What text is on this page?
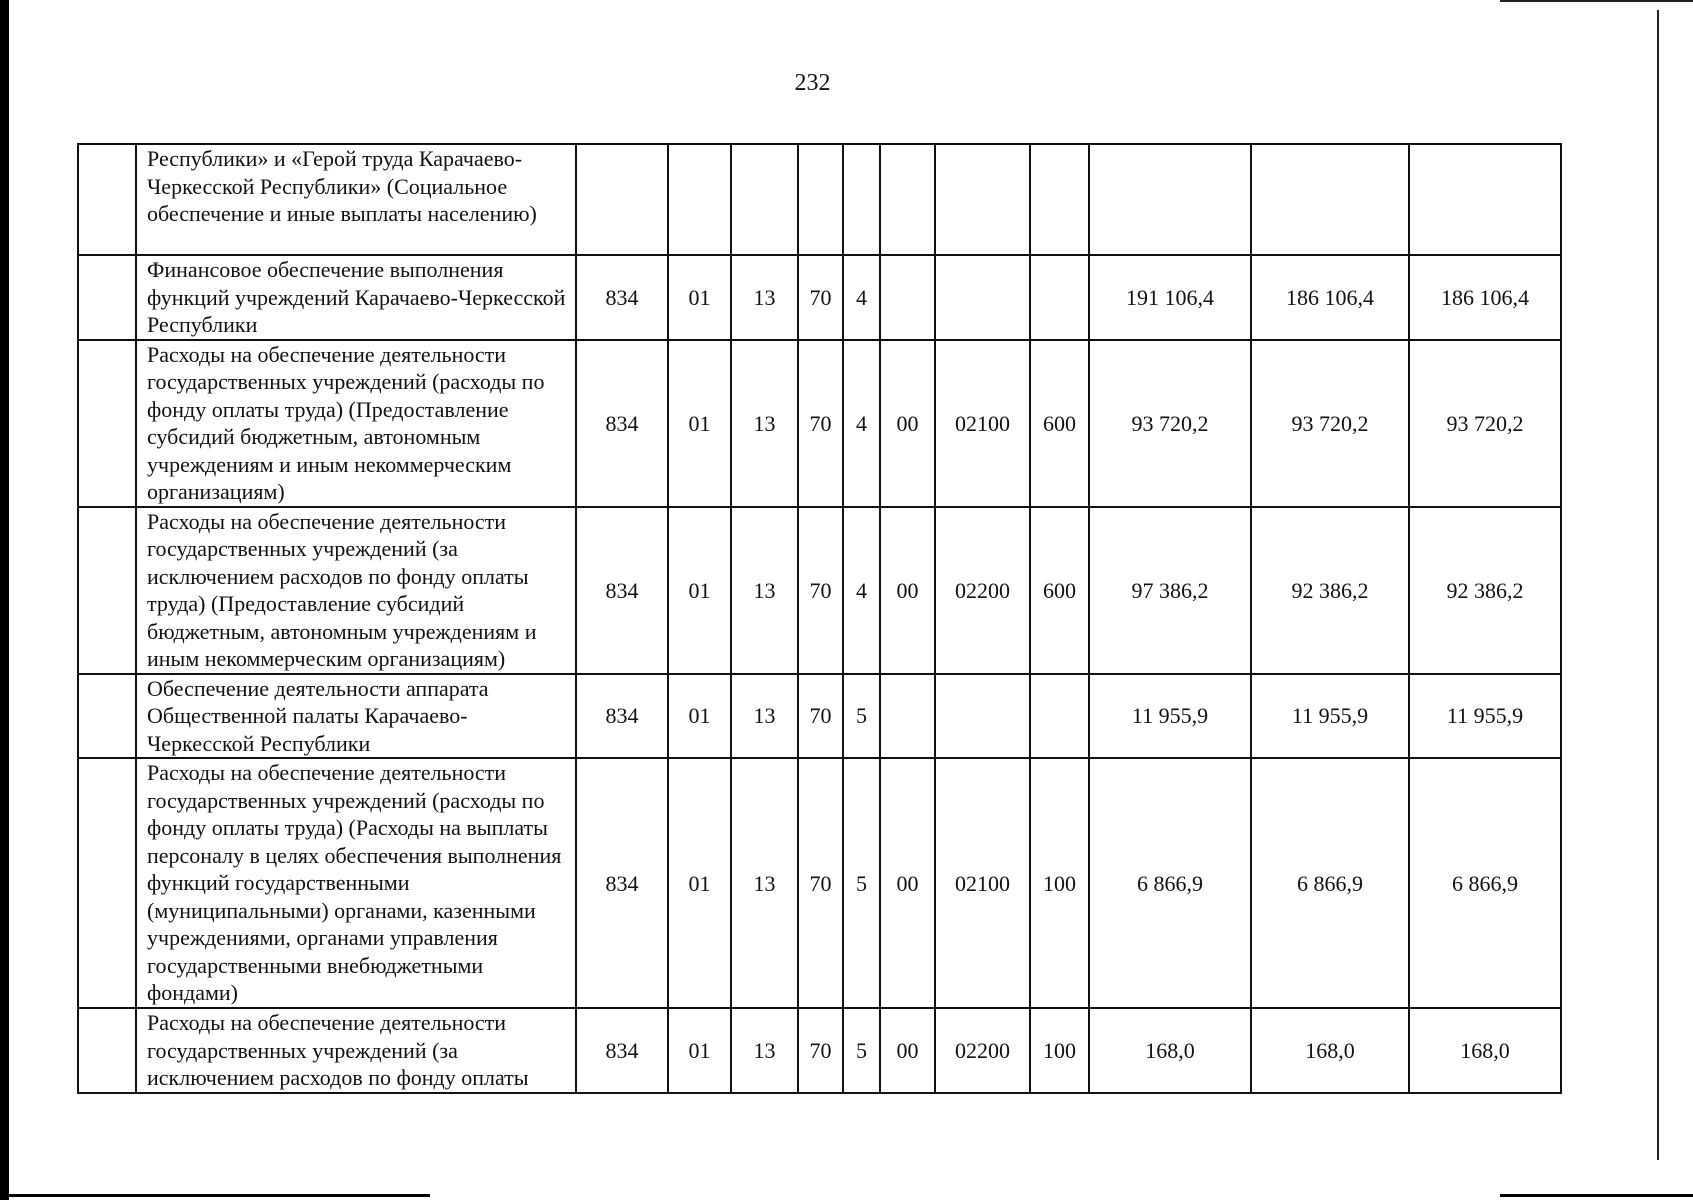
232
	Республики» и «Герой труда Карачаево-Черкесской Республики» (Социальное обеспечение и иные выплаты населению)											
	Финансовое обеспечение выполнения функций учреждений Карачаево-Черкесской Республики	834	01	13	70	4				191 106,4	186 106,4	186 106,4
	Расходы на обеспечение деятельности государственных учреждений (расходы по фонду оплаты труда) (Предоставление субсидий бюджетным, автономным учреждениям и иным некоммерческим организациям)	834	01	13	70	4	00	02100	600	93 720,2	93 720,2	93 720,2
	Расходы на обеспечение деятельности государственных учреждений (за исключением расходов по фонду оплаты труда) (Предоставление субсидий бюджетным, автономным учреждениям и иным некоммерческим организациям)	834	01	13	70	4	00	02200	600	97 386,2	92 386,2	92 386,2
	Обеспечение деятельности аппарата Общественной палаты Карачаево-Черкесской Республики	834	01	13	70	5				11 955,9	11 955,9	11 955,9
	Расходы на обеспечение деятельности государственных учреждений (расходы по фонду оплаты труда) (Расходы на выплаты персоналу в целях обеспечения выполнения функций государственными (муниципальными) органами, казенными учреждениями, органами управления государственными внебюджетными фондами)	834	01	13	70	5	00	02100	100	6 866,9	6 866,9	6 866,9
	Расходы на обеспечение деятельности государственных учреждений (за исключением расходов по фонду оплаты	834	01	13	70	5	00	02200	100	168,0	168,0	168,0
